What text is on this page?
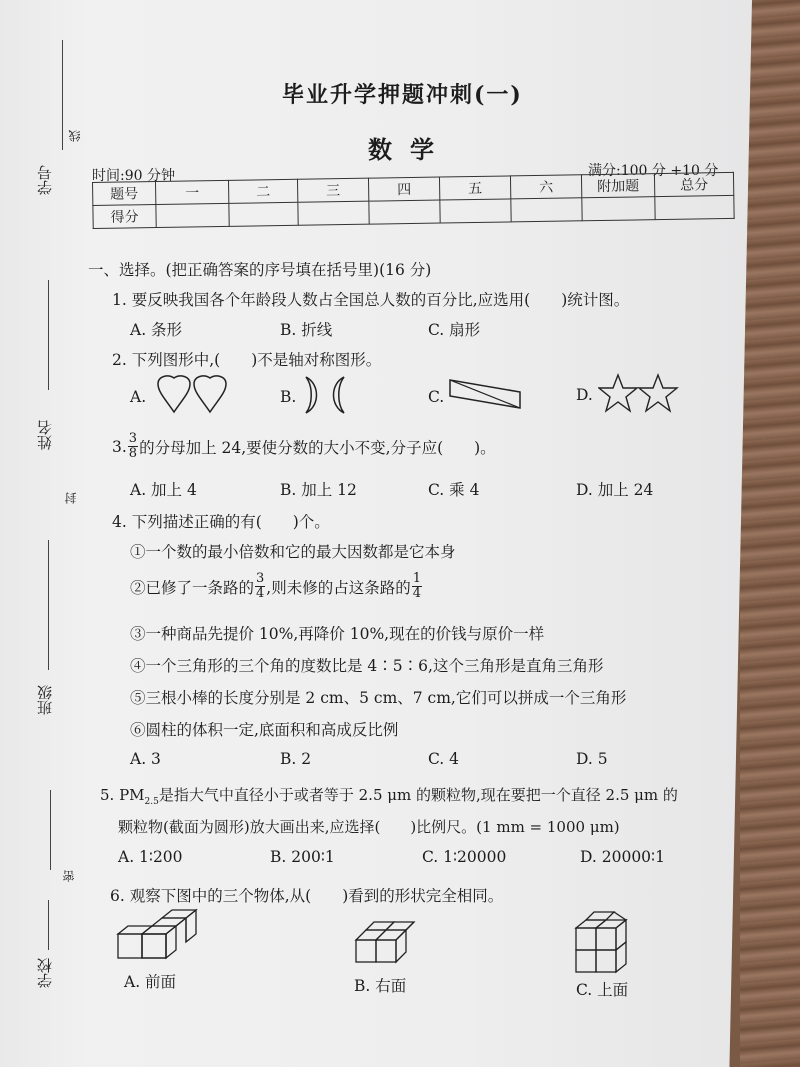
学号
线
姓名
封
班级
密
学校
毕业升学押题冲刺(一)
数学
时间:90 分钟	满分:100 分 +10 分
题号	一	二	三	四	五	六	附加题	总分
得分								
一、选择。(把正确答案的序号填在括号里)(16 分)
1. 要反映我国各个年龄段人数占全国总人数的百分比,应选用(　　)统计图。
A. 条形	B. 折线	C. 扇形
2. 下列图形中,(　　)不是轴对称图形。
A.	B.	C.	D.
3. $\frac{3}{8}$ 的分母加上 24,要使分数的大小不变,分子应(　　)。
A. 加上 4	B. 加上 12	C. 乘 4	D. 加上 24
4. 下列描述正确的有(　　)个。
①一个数的最小倍数和它的最大因数都是它本身
②已修了一条路的 $\frac{3}{4}$ ,则未修的占这条路的 $\frac{1}{4}$
③一种商品先提价 10%,再降价 10%,现在的价钱与原价一样
④一个三角形的三个角的度数比是 4∶5∶6,这个三角形是直角三角形
⑤三根小棒的长度分别是 2 cm、5 cm、7 cm,它们可以拼成一个三角形
⑥圆柱的体积一定,底面积和高成反比例
A. 3	B. 2	C. 4	D. 5
5. $PM_{2.5}$是指大气中直径小于或者等于 2.5 μm 的颗粒物,现在要把一个直径 2.5 μm 的
颗粒物(截面为圆形)放大画出来,应选择(　　)比例尺。(1 mm = 1000 μm)
A. 1∶200	B. 200∶1	C. 1∶20000	D. 20000∶1
6. 观察下图中的三个物体,从(　　)看到的形状完全相同。
A. 前面	B. 右面	C. 上面
